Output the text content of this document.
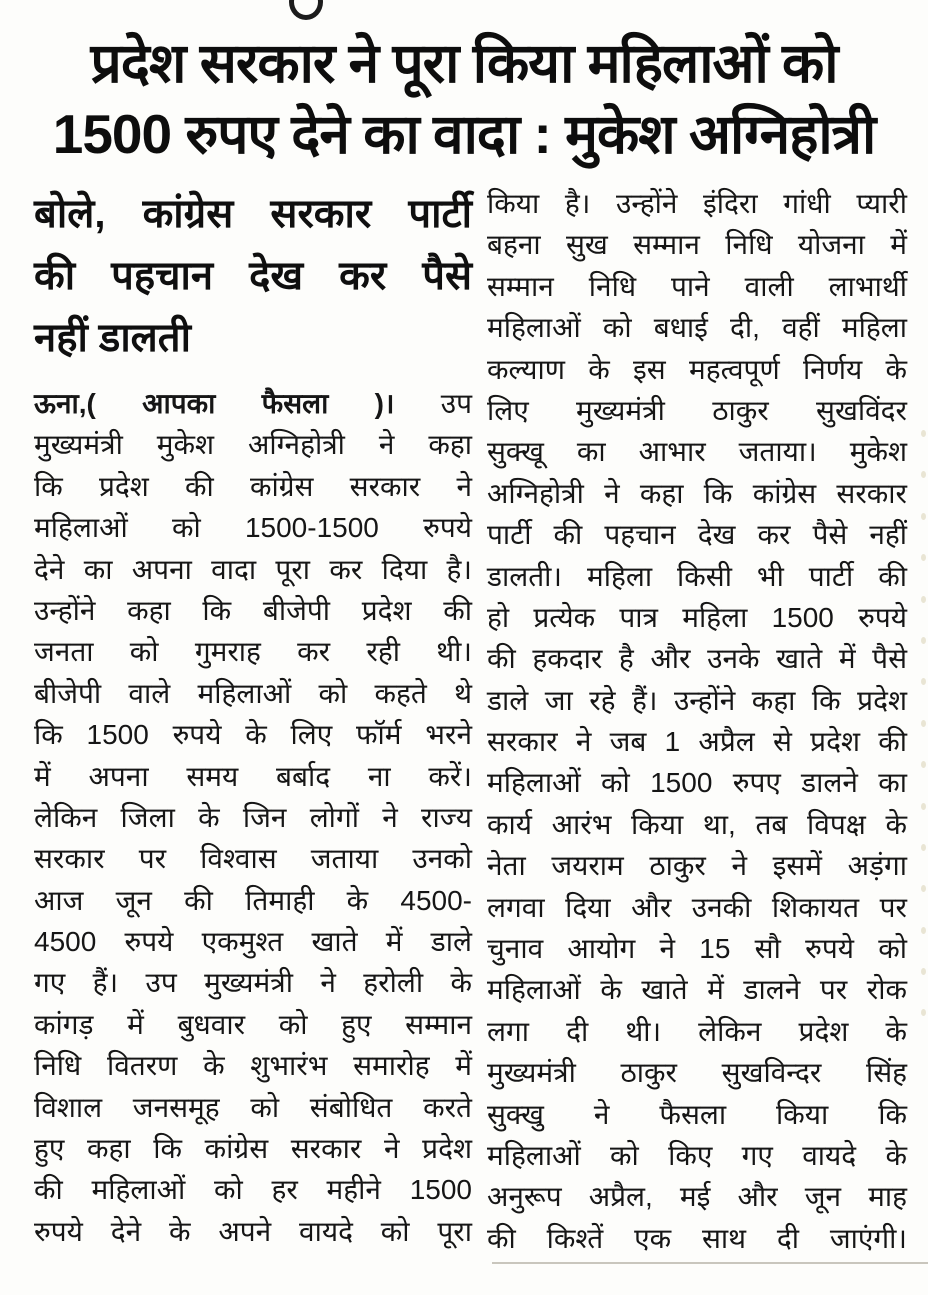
प्रदेश सरकार ने पूरा किया महिलाओं को
1500 रुपए देने का वादा : मुकेश अग्निहोत्री
बोले, कांग्रेस सरकार पार्टी
की पहचान देख कर पैसे
नहीं डालती
ऊना,( आपका फैसला )। उप
मुख्यमंत्री मुकेश अग्निहोत्री ने कहा
कि प्रदेश की कांग्रेस सरकार ने
महिलाओं को 1500-1500 रुपये
देने का अपना वादा पूरा कर दिया है।
उन्होंने कहा कि बीजेपी प्रदेश की
जनता को गुमराह कर रही थी।
बीजेपी वाले महिलाओं को कहते थे
कि 1500 रुपये के लिए फॉर्म भरने
में अपना समय बर्बाद ना करें।
लेकिन जिला के जिन लोगों ने राज्य
सरकार पर विश्वास जताया उनको
आज जून की तिमाही के 4500-
4500 रुपये एकमुश्त खाते में डाले
गए हैं। उप मुख्यमंत्री ने हरोली के
कांगड़ में बुधवार को हुए सम्मान
निधि वितरण के शुभारंभ समारोह में
विशाल जनसमूह को संबोधित करते
हुए कहा कि कांग्रेस सरकार ने प्रदेश
की महिलाओं को हर महीने 1500
रुपये देने के अपने वायदे को पूरा
किया है। उन्होंने इंदिरा गांधी प्यारी
बहना सुख सम्मान निधि योजना में
सम्मान निधि पाने वाली लाभार्थी
महिलाओं को बधाई दी, वहीं महिला
कल्याण के इस महत्वपूर्ण निर्णय के
लिए मुख्यमंत्री ठाकुर सुखविंदर
सुक्खू का आभार जताया। मुकेश
अग्निहोत्री ने कहा कि कांग्रेस सरकार
पार्टी की पहचान देख कर पैसे नहीं
डालती। महिला किसी भी पार्टी की
हो प्रत्येक पात्र महिला 1500 रुपये
की हकदार है और उनके खाते में पैसे
डाले जा रहे हैं। उन्होंने कहा कि प्रदेश
सरकार ने जब 1 अप्रैल से प्रदेश की
महिलाओं को 1500 रुपए डालने का
कार्य आरंभ किया था, तब विपक्ष के
नेता जयराम ठाकुर ने इसमें अड़ंगा
लगवा दिया और उनकी शिकायत पर
चुनाव आयोग ने 15 सौ रुपये को
महिलाओं के खाते में डालने पर रोक
लगा दी थी। लेकिन प्रदेश के
मुख्यमंत्री ठाकुर सुखविन्दर सिंह
सुक्खु ने फैसला किया कि
महिलाओं को किए गए वायदे के
अनुरूप अप्रैल, मई और जून माह
की किश्तें एक साथ दी जाएंगी।
